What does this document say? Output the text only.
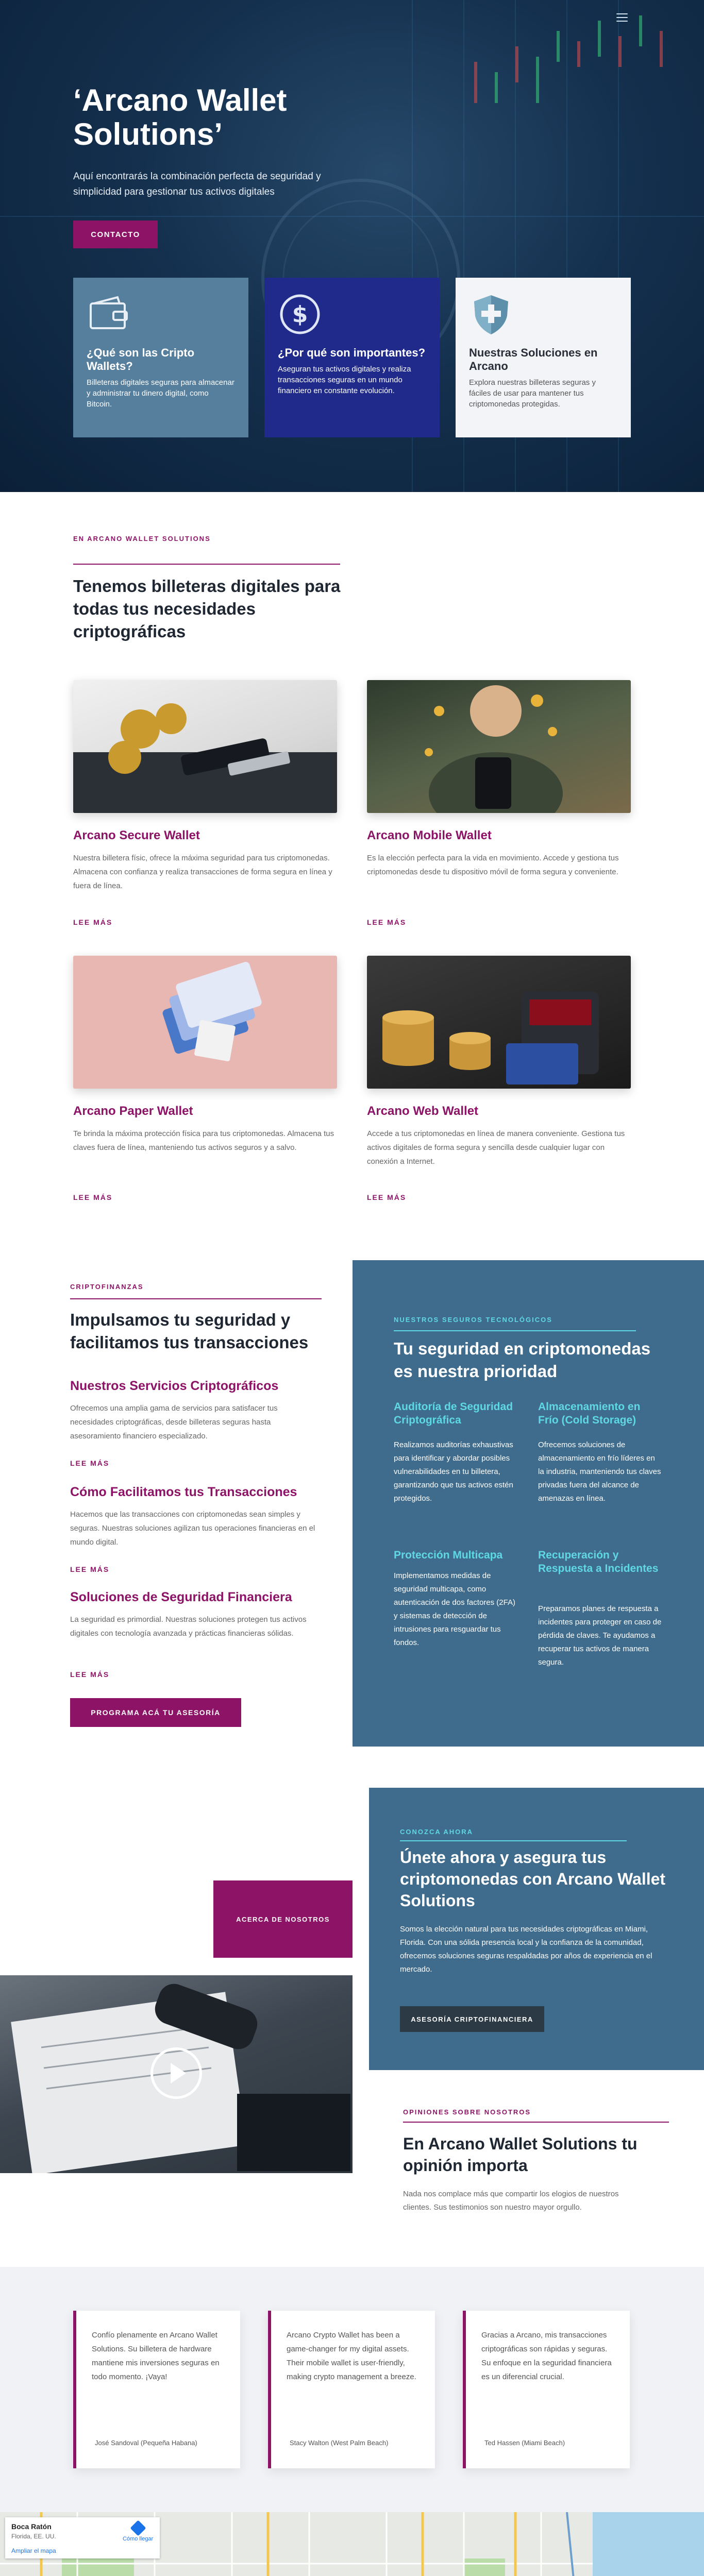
‘Arcano Wallet Solutions’

Aquí encontrarás la combinación perfecta de seguridad y simplicidad para gestionar tus activos digitales

CONTACTO
¿Qué son las Cripto Wallets?
Billeteras digitales seguras para almacenar y administrar tu dinero digital, como Bitcoin.
$
¿Por qué son importantes?
Aseguran tus activos digitales y realiza transacciones seguras en un mundo financiero en constante evolución.
Nuestras Soluciones en Arcano
Explora nuestras billeteras seguras y fáciles de usar para mantener tus criptomonedas protegidas.
EN ARCANO WALLET SOLUTIONS
Tenemos billeteras digitales para todas tus necesidades criptográficas
Arcano Secure Wallet
Nuestra billetera físic, ofrece la máxima seguridad para tus criptomonedas. Almacena con confianza y realiza transacciones de forma segura en línea y fuera de línea.
LEE MÁS
Arcano Mobile Wallet
Es la elección perfecta para la vida en movimiento. Accede y gestiona tus criptomonedas desde tu dispositivo móvil de forma segura y conveniente.
LEE MÁS
Arcano Paper Wallet
Te brinda la máxima protección física para tus criptomonedas. Almacena tus claves fuera de línea, manteniendo tus activos seguros y a salvo.
LEE MÁS
Arcano Web Wallet
Accede a tus criptomonedas en línea de manera conveniente. Gestiona tus activos digitales de forma segura y sencilla desde cualquier lugar con conexión a Internet.
LEE MÁS
CRIPTOFINANZAS
Impulsamos tu seguridad y facilitamos tus transacciones
Nuestros Servicios Criptográficos
Ofrecemos una amplia gama de servicios para satisfacer tus necesidades criptográficas, desde billeteras seguras hasta asesoramiento financiero especializado.
LEE MÁS
Cómo Facilitamos tus Transacciones
Hacemos que las transacciones con criptomonedas sean simples y seguras. Nuestras soluciones agilizan tus operaciones financieras en el mundo digital.
LEE MÁS
Soluciones de Seguridad Financiera
La seguridad es primordial. Nuestras soluciones protegen tus activos digitales con tecnología avanzada y prácticas financieras sólidas.
LEE MÁS
PROGRAMA ACÁ TU ASESORÍA
NUESTROS SEGUROS TECNOLÓGICOS
Tu seguridad en criptomonedas es nuestra prioridad
Auditoría de Seguridad Criptográfica
Realizamos auditorías exhaustivas para identificar y abordar posibles vulnerabilidades en tu billetera, garantizando que tus activos estén protegidos.
Almacenamiento en Frío (Cold Storage)
Ofrecemos soluciones de almacenamiento en frío líderes en la industria, manteniendo tus claves privadas fuera del alcance de amenazas en línea.
Protección Multicapa
Implementamos medidas de seguridad multicapa, como autenticación de dos factores (2FA) y sistemas de detección de intrusiones para resguardar tus fondos.
Recuperación y Respuesta a Incidentes
Preparamos planes de respuesta a incidentes para proteger en caso de pérdida de claves. Te ayudamos a recuperar tus activos de manera segura.
ACERCA DE NOSOTROS
CONOZCA AHORA
Únete ahora y asegura tus criptomonedas con Arcano Wallet Solutions
Somos la elección natural para tus necesidades criptográficas en Miami, Florida. Con una sólida presencia local y la confianza de la comunidad, ofrecemos soluciones seguras respaldadas por años de experiencia en el mercado.
ASESORÍA CRIPTOFINANCIERA
OPINIONES SOBRE NOSOTROS
En Arcano Wallet Solutions tu opinión importa

Nada nos complace más que compartir los elogios de nuestros clientes. Sus testimonios son nuestro mayor orgullo.

Confío plenamente en Arcano Wallet Solutions. Su billetera de hardware mantiene mis inversiones seguras en todo momento. ¡Vaya!
José Sandoval (Pequeña Habana)
Arcano Crypto Wallet has been a game-changer for my digital assets. Their mobile wallet is user-friendly, making crypto management a breeze.
Stacy Walton (West Palm Beach)
Gracias a Arcano, mis transacciones criptográficas son rápidas y seguras. Su enfoque en la seguridad financiera es un diferencial crucial.
Ted Hassen (Miami Beach)
Boca Ratón
Florida, EE. UU.
Ampliar el mapa
Cómo llegar
